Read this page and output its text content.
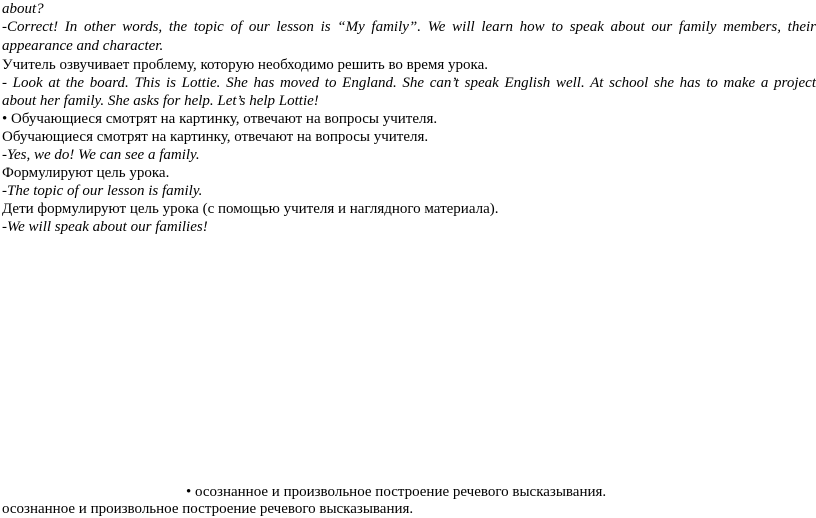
about?
-Correct! In other words, the topic of our lesson is “My family”. We will learn how to speak about our family members, their
appearance and character.
Учитель озвучивает проблему, которую необходимо решить во время урока.
- Look at the board. This is Lottie. She has moved to England. She can’t speak English well. At school she has to make a project
about her family. She asks for help. Let’s help Lottie!
• Обучающиеся смотрят на картинку, отвечают на вопросы учителя.
Обучающиеся смотрят на картинку, отвечают на вопросы учителя.
-Yes, we do! We can see a family.
Формулируют цель урока.
-The topic of our lesson is family.
Дети формулируют цель урока (с помощью учителя и наглядного материала).
-We will speak about our families!
• осознанное и произвольное построение речевого высказывания.
осознанное и произвольное построение речевого высказывания.
